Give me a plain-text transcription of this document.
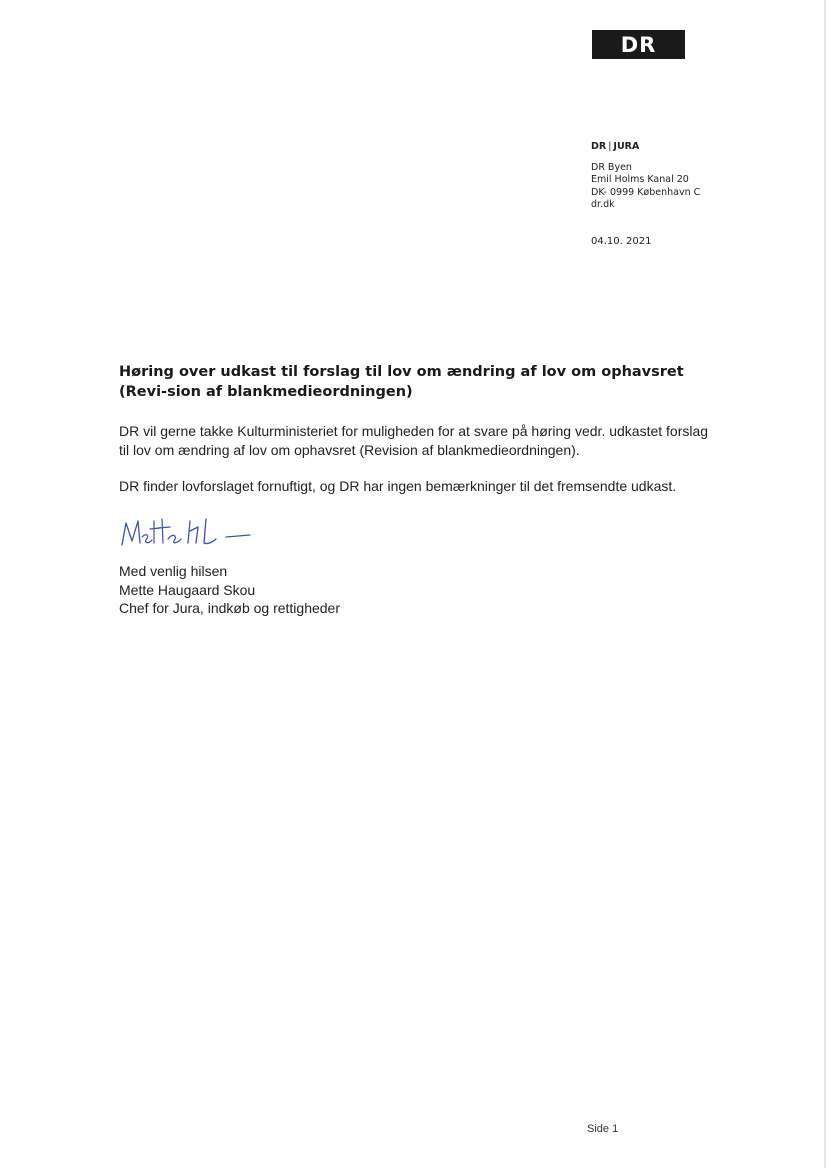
DR
DR | JURA
DR Byen
Emil Holms Kanal 20
DK- 0999 København C
dr.dk
04.10. 2021
Høring over udkast til forslag til lov om ændring af lov om ophavsret (Revi-sion af blankmedieordningen)
DR vil gerne takke Kulturministeriet for muligheden for at svare på høring vedr. udkastet forslag til lov om ændring af lov om ophavsret (Revision af blankmedieordningen).
DR finder lovforslaget fornuftigt, og DR har ingen bemærkninger til det fremsendte udkast.
Med venlig hilsen
Mette Haugaard Skou
Chef for Jura, indkøb og rettigheder
Side 1
